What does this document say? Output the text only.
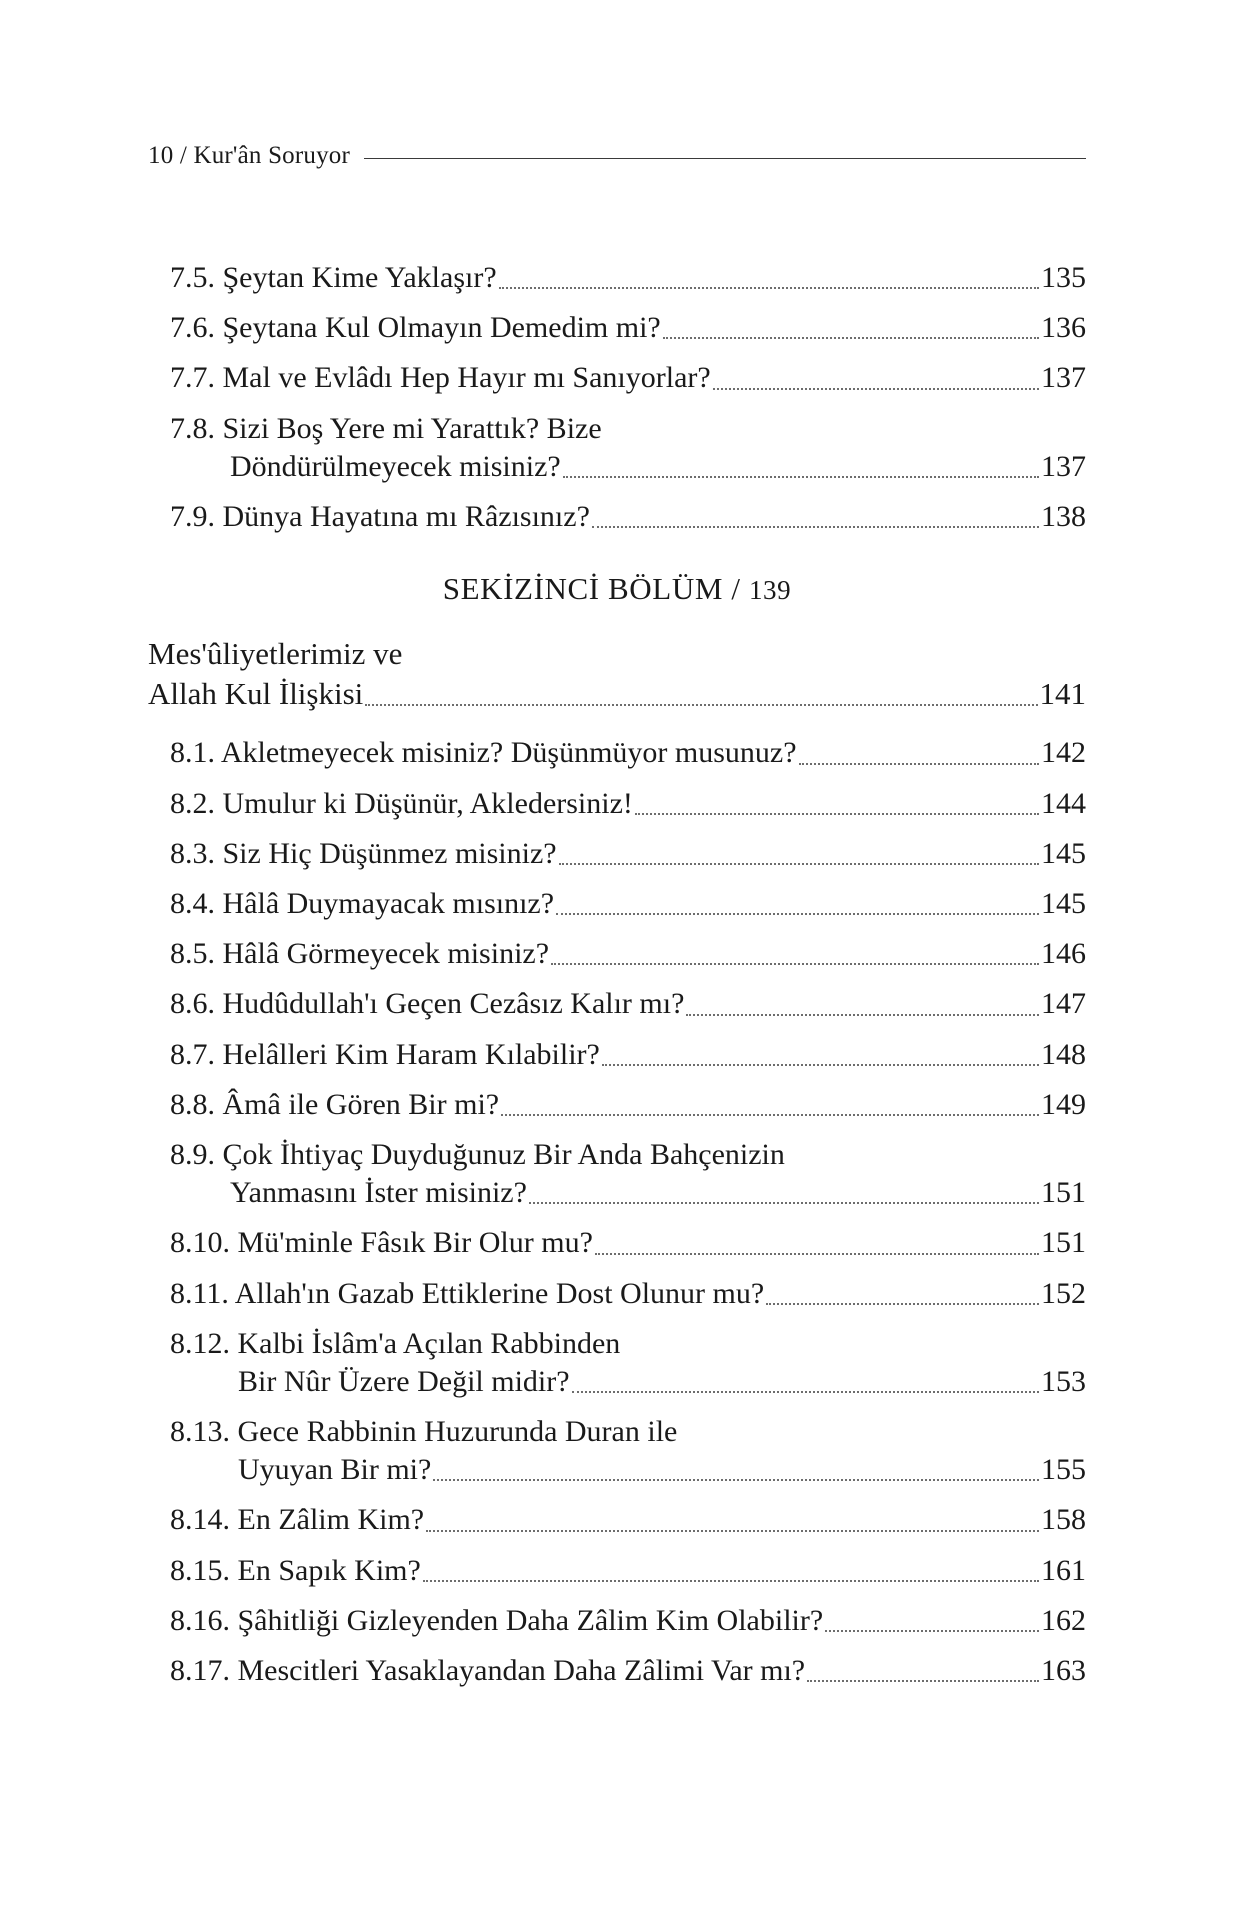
10 / Kur'ân Soruyor
7.5. Şeytan Kime Yaklaşır?	135
7.6. Şeytana Kul Olmayın Demedim mi?	136
7.7. Mal ve Evlâdı Hep Hayır mı Sanıyorlar?	137
7.8. Sizi Boş Yere mi Yarattık? Bize
Döndürülmeyecek misiniz?	137
7.9. Dünya Hayatına mı Râzısınız?	138
SEKİZİNCİ BÖLÜM / 139
Mes'ûliyetlerimiz ve
Allah Kul İlişkisi	141
8.1. Akletmeyecek misiniz? Düşünmüyor musunuz?	142
8.2. Umulur ki Düşünür, Akledersiniz!	144
8.3. Siz Hiç Düşünmez misiniz?	145
8.4. Hâlâ Duymayacak mısınız?	145
8.5. Hâlâ Görmeyecek misiniz?	146
8.6. Hudûdullah'ı Geçen Cezâsız Kalır mı?	147
8.7. Helâlleri Kim Haram Kılabilir?	148
8.8. Âmâ ile Gören Bir mi?	149
8.9. Çok İhtiyaç Duyduğunuz Bir Anda Bahçenizin
Yanmasını İster misiniz?	151
8.10. Mü'minle Fâsık Bir Olur mu?	151
8.11. Allah'ın Gazab Ettiklerine Dost Olunur mu?	152
8.12. Kalbi İslâm'a Açılan Rabbinden
Bir Nûr Üzere Değil midir?	153
8.13. Gece Rabbinin Huzurunda Duran ile
Uyuyan Bir mi?	155
8.14. En Zâlim Kim?	158
8.15. En Sapık Kim?	161
8.16. Şâhitliği Gizleyenden Daha Zâlim Kim Olabilir?	162
8.17. Mescitleri Yasaklayandan Daha Zâlimi Var mı?	163
